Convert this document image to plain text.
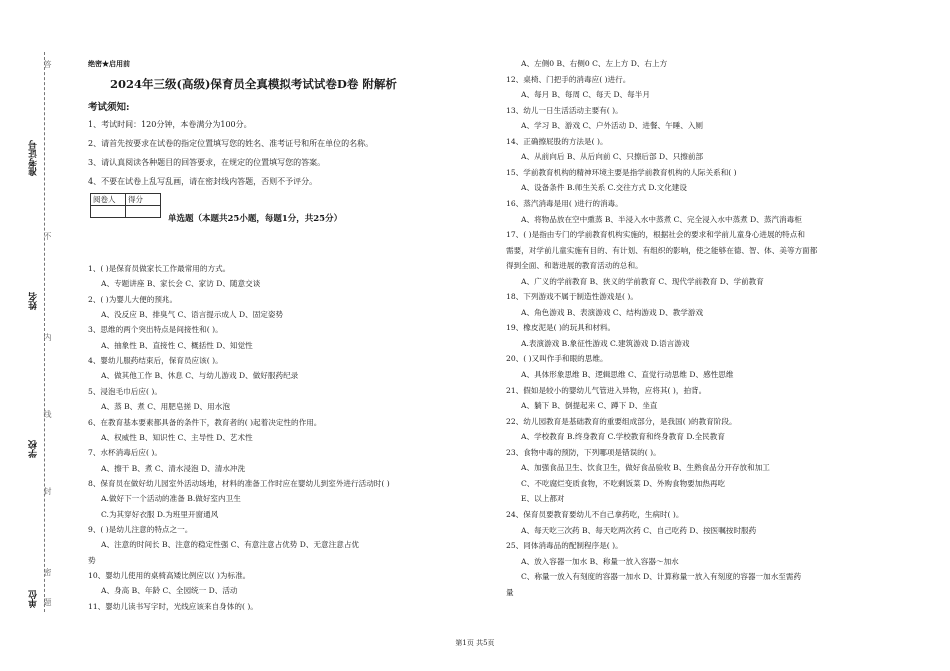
准考证号
姓名
学校
单位
答
不
内
线
封
密
题
绝密★启用前
2024年三级(高级)保育员全真模拟考试试卷D卷 附解析
考试须知:
1、考试时间：120分钟，本卷满分为100分。
2、请首先按要求在试卷的指定位置填写您的姓名、准考证号和所在单位的名称。
3、请认真阅读各种题目的回答要求，在规定的位置填写您的答案。
4、不要在试卷上乱写乱画，请在密封线内答题，否则不予评分。
阅卷人	得分

单选题（本题共25小题，每题1分，共25分）
1、( )是保育员做家长工作最常用的方式。
A、专题讲座 B、家长会 C、家访 D、随意交谈
2、( )为婴儿大便的预兆。
A、没反应 B、排臭气 C、语言提示成人 D、固定姿势
3、思维的两个突出特点是间接性和( )。
A、抽象性 B、直接性 C、概括性 D、知觉性
4、婴幼儿服药结束后，保育员应该( )。
A、做其他工作 B、休息 C、与幼儿游戏 D、做好服药纪录
5、浸泡毛巾后应( )。
A、蒸 B、煮 C、用肥皂搓 D、用水泡
6、在教育基本要素都具备的条件下，教育者的( )起着决定性的作用。
A、权威性 B、知识性 C、主导性 D、艺术性
7、水杯消毒后应( )。
A、擦干 B、煮 C、清水浸泡 D、清水冲洗
8、保育员在做好幼儿园室外活动场地，材料的准备工作时应在婴幼儿到室外进行活动时( )
A.做好下一个活动的准备 B.做好室内卫生
C.为其穿好衣服 D.为班里开窗通风
9、( )是幼儿注意的特点之一。
A、注意的时间长 B、注意的稳定性强 C、有意注意占优势 D、无意注意占优
势
10、婴幼儿使用的桌椅高矮比例应以( )为标准。
A、身高 B、年龄 C、全园统一 D、活动
11、婴幼儿读书写字时，光线应该来自身体的( )。
A、左侧0 B、右侧0 C、左上方 D、右上方
12、桌椅、门把手的消毒应( )进行。
A、每月 B、每周 C、每天 D、每半月
13、幼儿一日生活活动主要有( )。
A、学习 B、游戏 C、户外活动 D、进餐、午睡、入厕
14、正确擦屁股的方法是( )。
A、从前向后 B、从后向前 C、只擦后部 D、只擦前部
15、学前教育机构的精神环境主要是指学前教育机构的人际关系和( )
A、设备条件 B.师生关系 C.交往方式 D.文化建设
16、蒸汽消毒是用( )进行的消毒。
A、将物品放在空中熏蒸 B、半浸入水中蒸煮 C、完全浸入水中蒸煮 D、蒸汽消毒柜
17、( )是指由专门的学前教育机构实施的，根据社会的要求和学前儿童身心进展的特点和
需要，对学前儿童实施有目的、有计划、有组织的影响，使之能够在德、智、体、美等方面都
得到全面、和谐进展的教育活动的总和。
A、广义的学前教育 B、狭义的学前教育 C、现代学前教育 D、学前教育
18、下列游戏不属于制造性游戏是( )。
A、角色游戏 B、表演游戏 C、结构游戏 D、教学游戏
19、橡皮泥是( )的玩具和材料。
A.表演游戏 B.象征性游戏 C.建筑游戏 D.语言游戏
20、( )又叫作手和眼的思维。
A、具体形象思维 B、逻辑思维 C、直觉行动思维 D、感性思维
21、假如是较小的婴幼儿气管进入异物，应将其( )，拍背。
A、躺下 B、倒提起来 C、蹲下 D、坐直
22、幼儿园教育是基础教育的重要组成部分，是我国( )的教育阶段。
A、学校教育 B.终身教育 C.学校教育和终身教育 D.全民教育
23、食物中毒的预防，下列哪项是错误的( )。
A、加强食品卫生、饮食卫生，做好食品验收 B、生熟食品分开存放和加工
C、不吃腐烂变质食物，不吃剩饭菜 D、外购食物要加热再吃
E、以上都对
24、保育员要教育要幼儿不自己拿药吃，生病时( )。
A、每天吃三次药 B、每天吃两次药 C、自己吃药 D、按医嘱按时服药
25、同体消毒品的配制程序是( )。
A、放入容器一加水 B、称量一放入容器～加水
C、称量一放入有刻度的容器一加水 D、计算称量一放入有刻度的容器一加水至需药
量
第1页 共5页
